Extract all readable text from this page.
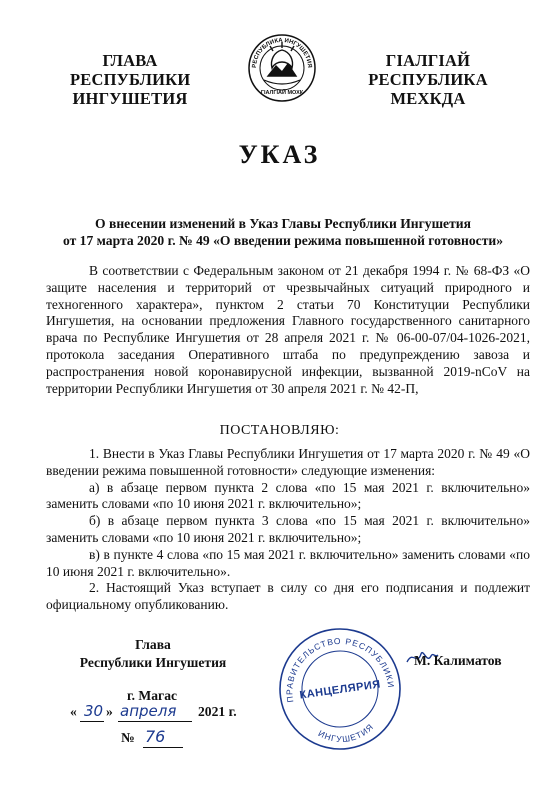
ГЛАВА
РЕСПУБЛИКИ
ИНГУШЕТИЯ
РЕСПУБЛИКА ИНГУШЕТИЯ
ГIАЛГIАЙ МОХК
ГIАЛГIАЙ
РЕСПУБЛИКА
МЕХКДА
УКАЗ
О внесении изменений в Указ Главы Республики Ингушетия
от 17 марта 2020 г. № 49 «О введении режима повышенной готовности»
В соответствии с Федеральным законом от 21 декабря 1994 г. № 68-ФЗ «О защите населения и территорий от чрезвычайных ситуаций природного и техногенного характера», пунктом 2 статьи 70 Конституции Республики Ингушетия, на основании предложения Главного государственного санитарного врача по Республике Ингушетия от 28 апреля 2021 г. № 06-00-07/04-1026-2021, протокола заседания Оперативного штаба по предупреждению завоза и распространения новой коронавирусной инфекции, вызванной 2019-nCoV на территории Республики Ингушетия от 30 апреля 2021 г. № 42-П,
ПОСТАНОВЛЯЮ:

1. Внести в Указ Главы Республики Ингушетия от 17 марта 2020 г. № 49 «О введении режима повышенной готовности» следующие изменения:

а) в абзаце первом пункта 2 слова «по 15 мая 2021 г. включительно» заменить словами «по 10 июня 2021 г. включительно»;

б) в абзаце первом пункта 3 слова «по 15 мая 2021 г. включительно» заменить словами «по 10 июня 2021 г. включительно»;

в) в пункте 4 слова «по 15 мая 2021 г. включительно» заменить словами «по 10 июня 2021 г. включительно».

2. Настоящий Указ вступает в силу со дня его подписания и подлежит официальному опубликованию.

Глава
Республики Ингушетия	М. Калиматов
ПРАВИТЕЛЬСТВО РЕСПУБЛИКИ
ИНГУШЕТИЯ
КАНЦЕЛЯРИЯ
г. Магас
« 30 » апреля 2021 г.
№ 76
